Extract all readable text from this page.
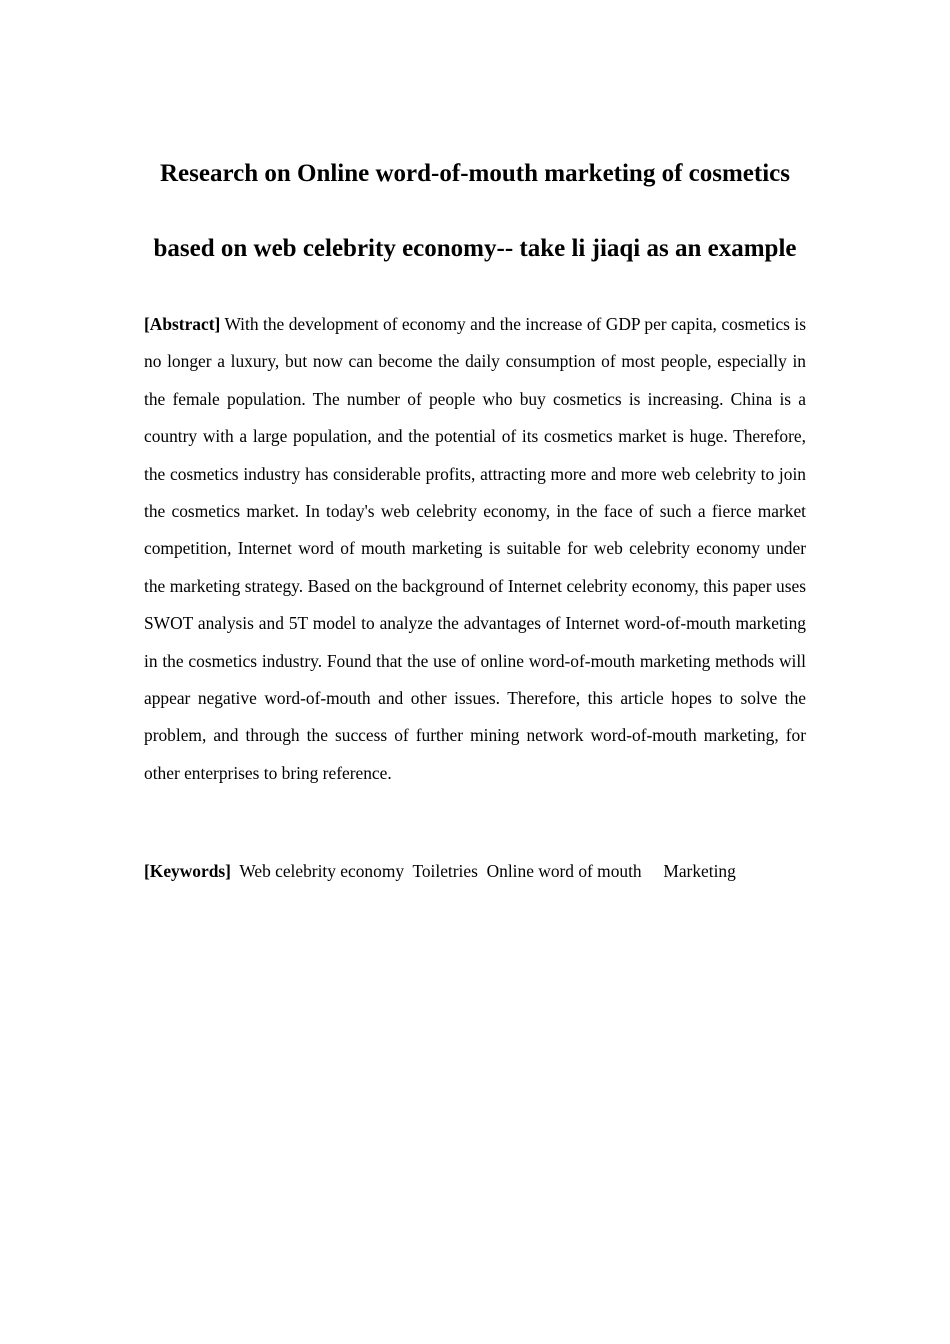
Research on Online word-of-mouth marketing of cosmetics
based on web celebrity economy-- take li jiaqi as an example

[Abstract] With the development of economy and the increase of GDP per capita, cosmetics is no longer a luxury, but now can become the daily consumption of most people, especially in the female population. The number of people who buy cosmetics is increasing. China is a country with a large population, and the potential of its cosmetics market is huge. Therefore, the cosmetics industry has considerable profits, attracting more and more web celebrity to join the cosmetics market. In today's web celebrity economy, in the face of such a fierce market competition, Internet word of mouth marketing is suitable for web celebrity economy under the marketing strategy. Based on the background of Internet celebrity economy, this paper uses SWOT analysis and 5T model to analyze the advantages of Internet word-of-mouth marketing in the cosmetics industry. Found that the use of online word-of-mouth marketing methods will appear negative word-of-mouth and other issues. Therefore, this article hopes to solve the problem, and through the success of further mining network word-of-mouth marketing, for other enterprises to bring reference.

[Keywords] Web celebrity economy Toiletries Online word of mouth Marketing
